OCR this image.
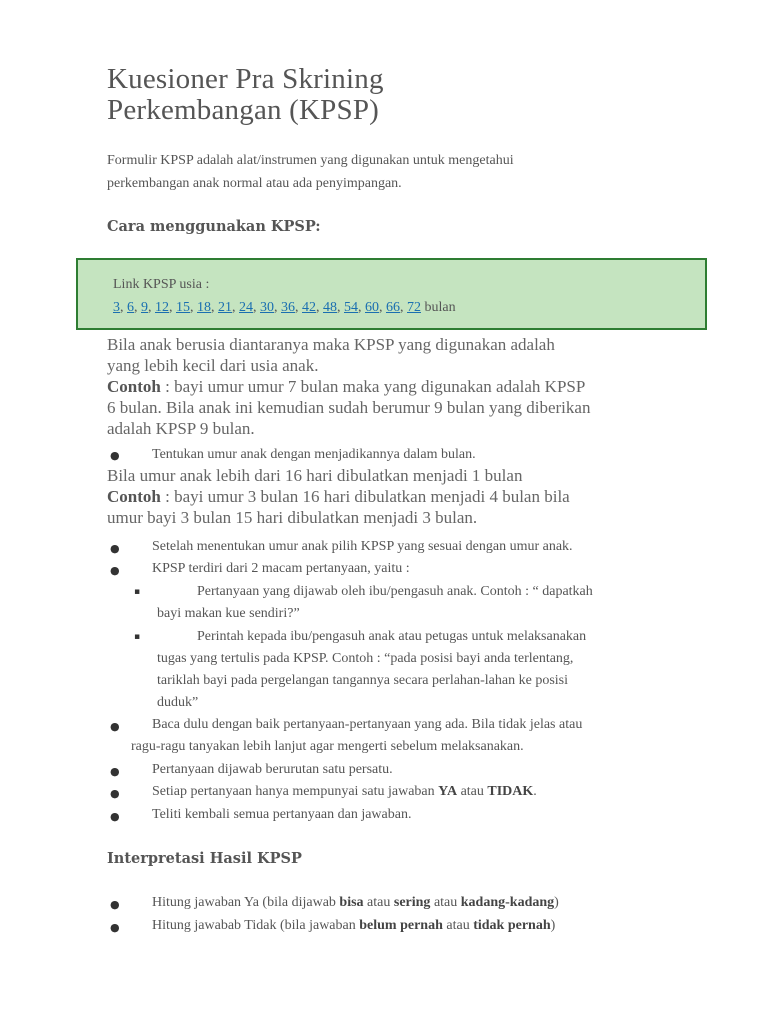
Kuesioner Pra Skrining
Perkembangan (KPSP)
Formulir KPSP adalah alat/instrumen yang digunakan untuk mengetahui
perkembangan anak normal atau ada penyimpangan.
Cara menggunakan KPSP:
Link KPSP usia :
3, 6, 9, 12, 15, 18, 21, 24, 30, 36, 42, 48, 54, 60, 66, 72 bulan
Bila anak berusia diantaranya maka KPSP yang digunakan adalah
yang lebih kecil dari usia anak.
Contoh : bayi umur umur 7 bulan maka yang digunakan adalah KPSP
6 bulan. Bila anak ini kemudian sudah berumur 9 bulan yang diberikan
adalah KPSP 9 bulan.
● Tentukan umur anak dengan menjadikannya dalam bulan.
Bila umur anak lebih dari 16 hari dibulatkan menjadi 1 bulan
Contoh : bayi umur 3 bulan 16 hari dibulatkan menjadi 4 bulan bila
umur bayi 3 bulan 15 hari dibulatkan menjadi 3 bulan.
● Setelah menentukan umur anak pilih KPSP yang sesuai dengan umur anak.
● KPSP terdiri dari 2 macam pertanyaan, yaitu :
▪	Pertanyaan yang dijawab oleh ibu/pengasuh anak. Contoh : “ dapatkah
bayi makan kue sendiri?”
▪	Perintah kepada ibu/pengasuh anak atau petugas untuk melaksanakan
tugas yang tertulis pada KPSP. Contoh : “pada posisi bayi anda terlentang,
tariklah bayi pada pergelangan tangannya secara perlahan-lahan ke posisi
duduk”
● Baca dulu dengan baik pertanyaan-pertanyaan yang ada. Bila tidak jelas atau
ragu-ragu tanyakan lebih lanjut agar mengerti sebelum melaksanakan.
● Pertanyaan dijawab berurutan satu persatu.
● Setiap pertanyaan hanya mempunyai satu jawaban YA atau TIDAK.
● Teliti kembali semua pertanyaan dan jawaban.
Interpretasi Hasil KPSP
● Hitung jawaban Ya (bila dijawab bisa atau sering atau kadang-kadang)
● Hitung jawabab Tidak (bila jawaban belum pernah atau tidak pernah)
